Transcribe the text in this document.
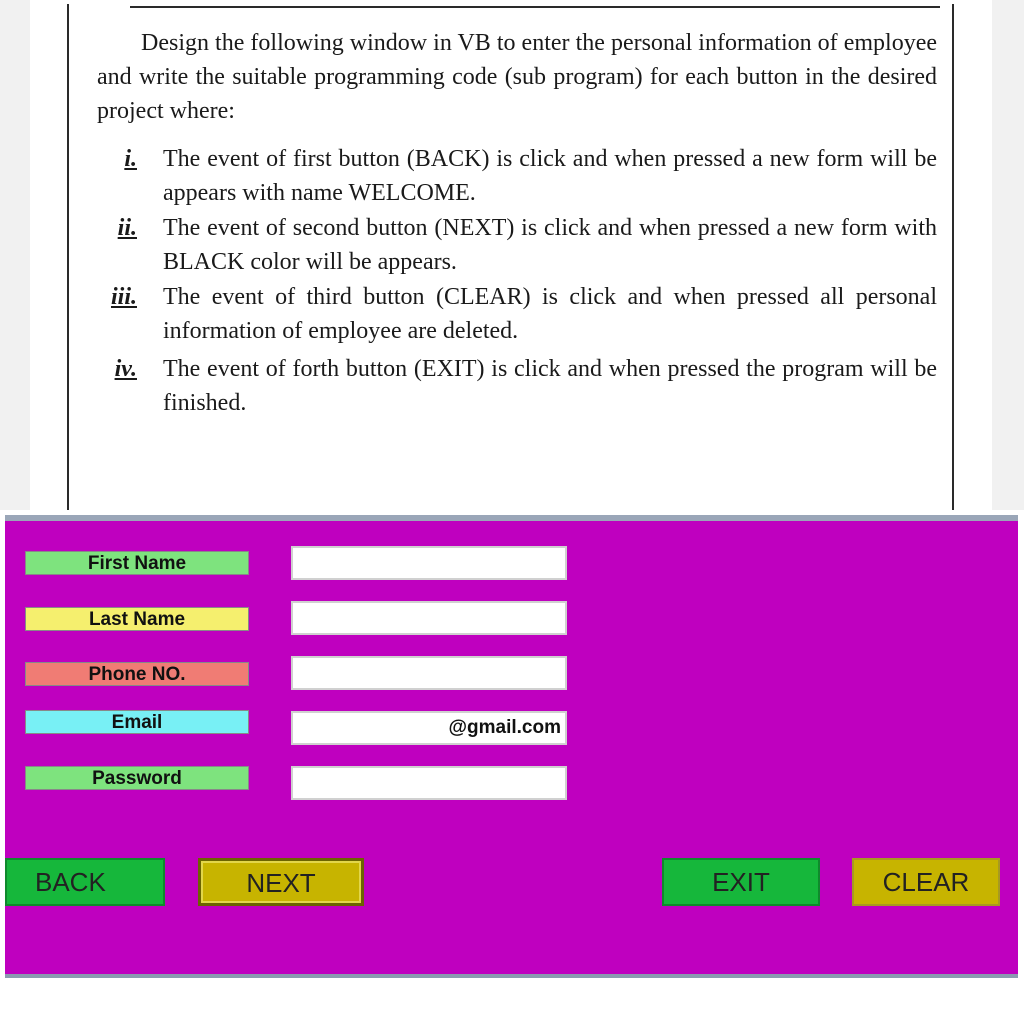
Design the following window in VB to enter the personal information of employee and write the suitable programming code (sub program) for each button in the desired project where:

i. The event of first button (BACK) is click and when pressed a new form will be appears with name WELCOME.

ii. The event of second button (NEXT) is click and when pressed a new form with BLACK color will be appears.

iii. The event of third button (CLEAR) is click and when pressed all personal information of employee are deleted.

iv. The event of forth button (EXIT) is click and when pressed the program will be finished.

First Name
Last Name
Phone NO.
Email
@gmail.com
Password
BACK	NEXT	EXIT	CLEAR
